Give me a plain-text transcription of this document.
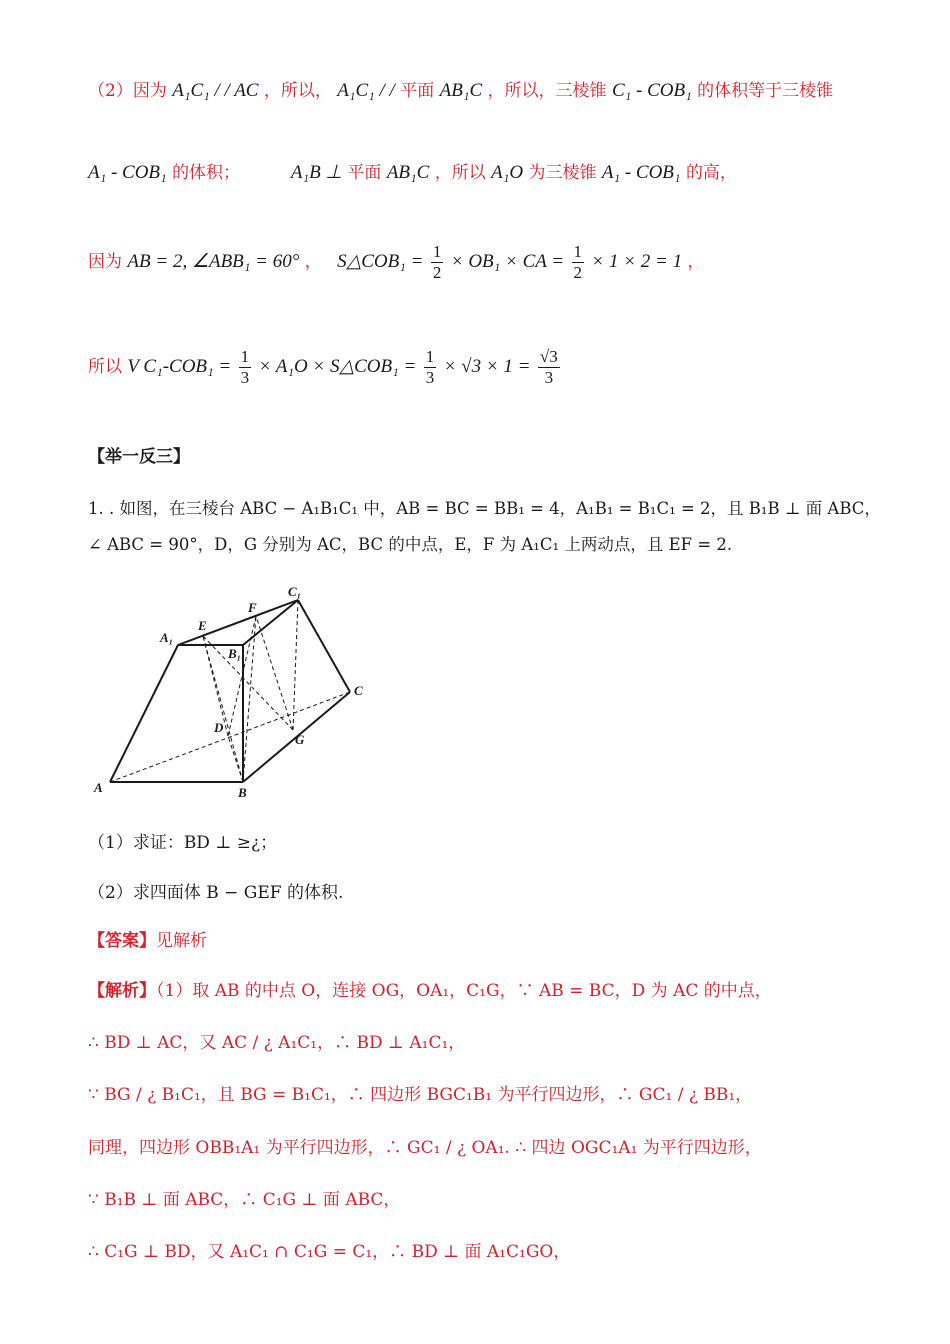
（2）因为 A₁C₁ / / AC ，所以， A₁C₁ / / 平面 AB₁C ，所以，三棱锥 C₁ - COB₁ 的体积等于三棱锥
A₁ - COB₁ 的体积；	A₁B ⊥ 平面 AB₁C ，所以 A₁O 为三棱锥 A₁ - COB₁ 的高，
因为 AB = 2, ∠ABB₁ = 60° ， S△COB₁ = $\frac{1}{2} \times OB_1$ × CA = $\frac{1}{2} \times 1 \times 2 = 1$ ，
所以 V $C_1-COB_1 = \frac{1}{3} \times A_1O$ × S△COB₁ = $\frac{1}{3} \times √3 \times 1 = \frac{√3}{3}$
【举一反三】
1. . 如图，在三棱台 ABC − A₁B₁C₁ 中，AB = BC = BB₁ = 4，A₁B₁ = B₁C₁ = 2，且 B₁B ⊥ 面 ABC，
∠ ABC = 90°，D，G 分别为 AC，BC 的中点，E，F 为 A₁C₁ 上两动点，且 EF = 2.
A	B
C
A₁
B₁
C₁
D
E
F
G
（1）求证：BD ⊥ ≥¿；
（2）求四面体 B − GEF 的体积.
【答案】见解析
【解析】（1）取 AB 的中点 O，连接 OG，OA₁，C₁G，∵ AB = BC，D 为 AC 的中点，
∴ BD ⊥ AC，又 AC / ¿ A₁C₁，∴ BD ⊥ A₁C₁，
∵ BG / ¿ B₁C₁，且 BG = B₁C₁，∴ 四边形 BGC₁B₁ 为平行四边形，∴ GC₁ / ¿ BB₁，
同理，四边形 OBB₁A₁ 为平行四边形，∴ GC₁ / ¿ OA₁. ∴ 四边 OGC₁A₁ 为平行四边形，
∵ B₁B ⊥ 面 ABC，∴ C₁G ⊥ 面 ABC，
∴ C₁G ⊥ BD，又 A₁C₁ ∩ C₁G = C₁，∴ BD ⊥ 面 A₁C₁GO，
